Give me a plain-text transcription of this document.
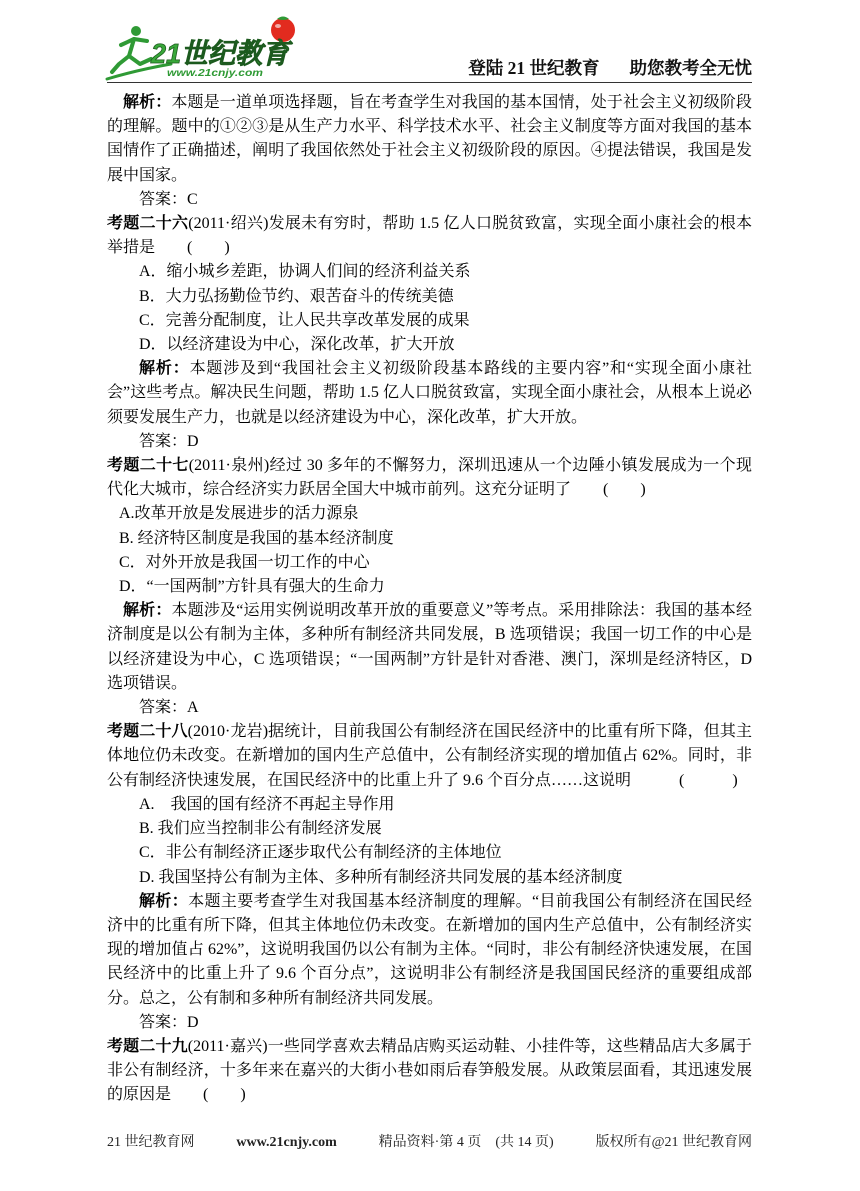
21世纪教育
www.21cnjy.com	登陆 21 世纪教育 助您教考全无忧

解析：本题是一道单项选择题，旨在考查学生对我国的基本国情，处于社会主义初级阶段的理解。题中的①②③是从生产力水平、科学技术水平、社会主义制度等方面对我国的基本国情作了正确描述，阐明了我国依然处于社会主义初级阶段的原因。④提法错误，我国是发展中国家。

答案：C

考题二十六(2011·绍兴)发展未有穷时，帮助 1.5 亿人口脱贫致富，实现全面小康社会的根本举措是　　(　　)

A．缩小城乡差距，协调人们间的经济利益关系

B．大力弘扬勤俭节约、艰苦奋斗的传统美德

C．完善分配制度，让人民共享改革发展的成果

D．以经济建设为中心，深化改革，扩大开放

解析：本题涉及到“我国社会主义初级阶段基本路线的主要内容”和“实现全面小康社会”这些考点。解决民生问题，帮助 1.5 亿人口脱贫致富，实现全面小康社会，从根本上说必须要发展生产力，也就是以经济建设为中心，深化改革，扩大开放。

答案：D

考题二十七(2011·泉州)经过 30 多年的不懈努力，深圳迅速从一个边陲小镇发展成为一个现代化大城市，综合经济实力跃居全国大中城市前列。这充分证明了　　(　　)

A.改革开放是发展进步的活力源泉

B. 经济特区制度是我国的基本经济制度

C．对外开放是我国一切工作的中心

D．“一国两制”方针具有强大的生命力

解析：本题涉及“运用实例说明改革开放的重要意义”等考点。采用排除法：我国的基本经济制度是以公有制为主体，多种所有制经济共同发展，B 选项错误；我国一切工作的中心是以经济建设为中心，C 选项错误；“一国两制”方针是针对香港、澳门，深圳是经济特区，D 选项错误。

答案：A

考题二十八(2010·龙岩)据统计，目前我国公有制经济在国民经济中的比重有所下降，但其主体地位仍未改变。在新增加的国内生产总值中，公有制经济实现的增加值占 62%。同时，非公有制经济快速发展，在国民经济中的比重上升了 9.6 个百分点……这说明　　　(　　　)

A.　我国的国有经济不再起主导作用

B. 我们应当控制非公有制经济发展

C．非公有制经济正逐步取代公有制经济的主体地位

D. 我国坚持公有制为主体、多种所有制经济共同发展的基本经济制度

解析：本题主要考查学生对我国基本经济制度的理解。“目前我国公有制经济在国民经济中的比重有所下降，但其主体地位仍未改变。在新增加的国内生产总值中，公有制经济实现的增加值占 62%”，这说明我国仍以公有制为主体。“同时，非公有制经济快速发展，在国民经济中的比重上升了 9.6 个百分点”，这说明非公有制经济是我国国民经济的重要组成部分。总之，公有制和多种所有制经济共同发展。

答案：D

考题二十九(2011·嘉兴)一些同学喜欢去精品店购买运动鞋、小挂件等，这些精品店大多属于非公有制经济，十多年来在嘉兴的大街小巷如雨后春笋般发展。从政策层面看，其迅速发展的原因是　　(　　)

21 世纪教育网	www.21cnjy.com	精品资料·第 4 页　(共 14 页)	版权所有@21 世纪教育网
